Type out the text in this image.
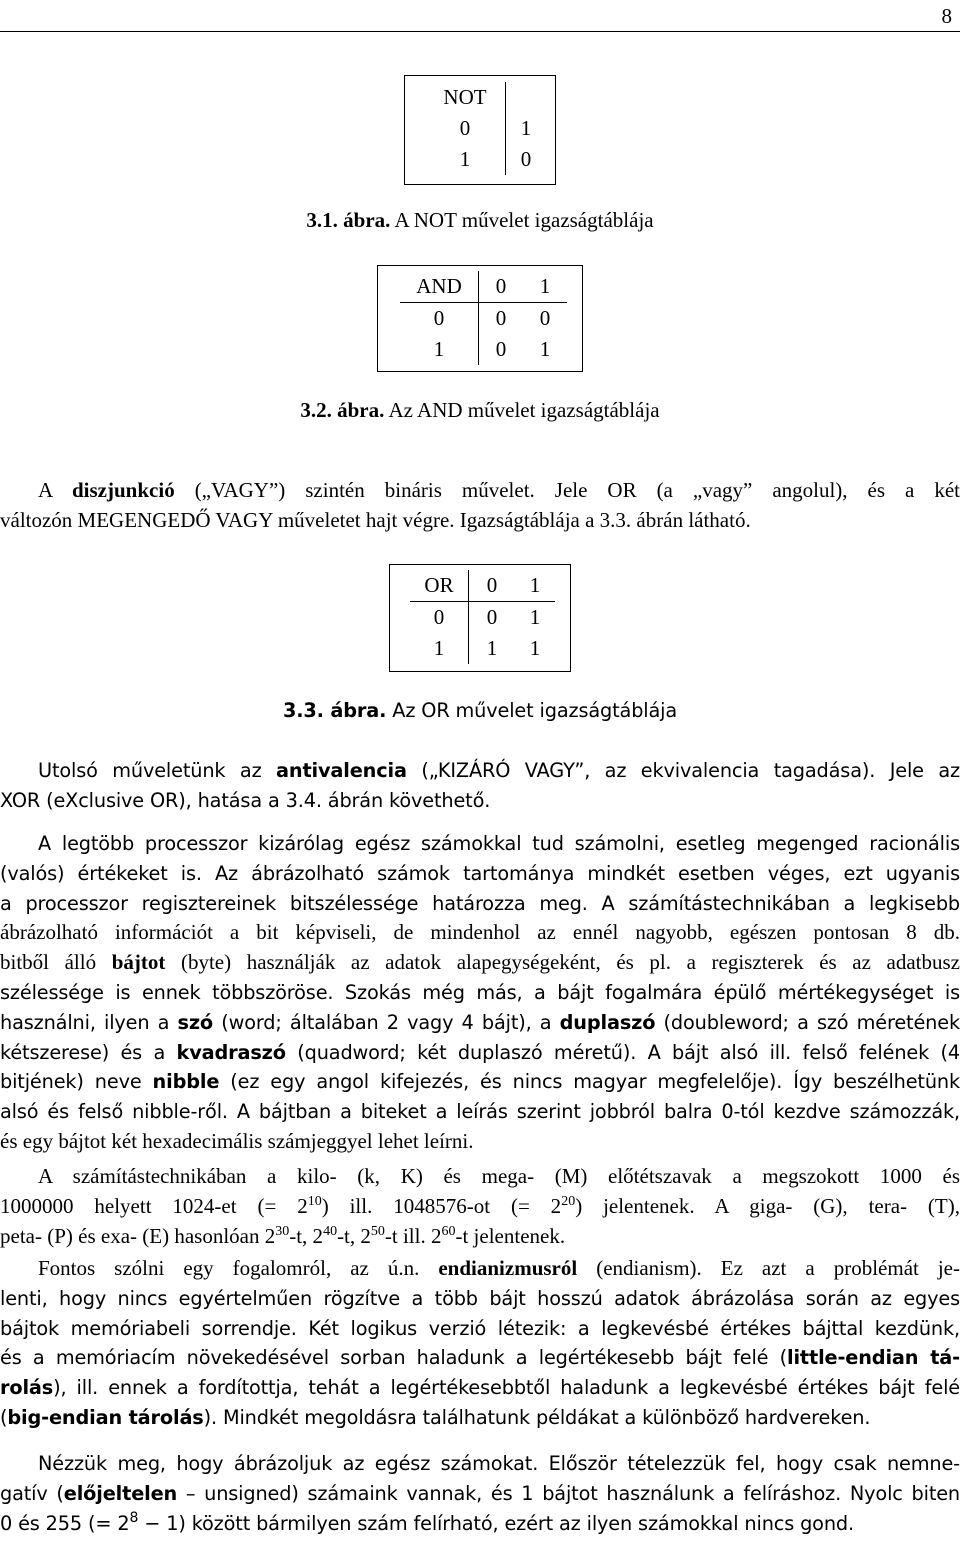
8
NOT	
0	1
1	0
3.1. ábra. A NOT művelet igazságtáblája
AND	0	1
0	0	0
1	0	1
3.2. ábra. Az AND művelet igazságtáblája
A diszjunkció („VAGY”) szintén bináris művelet. Jele OR (a „vagy” angolul), és a két
változón MEGENGEDŐ VAGY műveletet hajt végre. Igazságtáblája a 3.3. ábrán látható.
OR	0	1
0	0	1
1	1	1
3.3. ábra. Az OR művelet igazságtáblája
Utolsó műveletünk az antivalencia („KIZÁRÓ VAGY”, az ekvivalencia tagadása). Jele az
XOR (eXclusive OR), hatása a 3.4. ábrán követhető.
A legtöbb processzor kizárólag egész számokkal tud számolni, esetleg megenged racionális
(valós) értékeket is. Az ábrázolható számok tartománya mindkét esetben véges, ezt ugyanis
a processzor regisztereinek bitszélessége határozza meg. A számítástechnikában a legkisebb
ábrázolható információt a bit képviseli, de mindenhol az ennél nagyobb, egészen pontosan 8 db.
bitből álló bájtot (byte) használják az adatok alapegységeként, és pl. a regiszterek és az adatbusz
szélessége is ennek többszöröse. Szokás még más, a bájt fogalmára épülő mértékegységet is
használni, ilyen a szó (word; általában 2 vagy 4 bájt), a duplaszó (doubleword; a szó méretének
kétszerese) és a kvadraszó (quadword; két duplaszó méretű). A bájt alsó ill. felső felének (4
bitjének) neve nibble (ez egy angol kifejezés, és nincs magyar megfelelője). Így beszélhetünk
alsó és felső nibble-ről. A bájtban a biteket a leírás szerint jobbról balra 0-tól kezdve számozzák,
és egy bájtot két hexadecimális számjeggyel lehet leírni.
A számítástechnikában a kilo- (k, K) és mega- (M) előtétszavak a megszokott 1000 és
1000000 helyett 1024-et (= $2^{10}$) ill. 1048576-ot (= $2^{20}$) jelentenek. A giga- (G), tera- (T),
peta- (P) és exa- (E) hasonlóan $2^{30}-t$, $2^{40}-t$, $2^{50}-t$ ill. $2^{60}-t$ jelentenek.
Fontos szólni egy fogalomról, az ú.n. endianizmusról (endianism). Ez azt a problémát je-
lenti, hogy nincs egyértelműen rögzítve a több bájt hosszú adatok ábrázolása során az egyes
bájtok memóriabeli sorrendje. Két logikus verzió létezik: a legkevésbé értékes bájttal kezdünk,
és a memóriacím növekedésével sorban haladunk a legértékesebb bájt felé (little-endian tá-
rolás), ill. ennek a fordítottja, tehát a legértékesebbtől haladunk a legkevésbé értékes bájt felé
(big-endian tárolás). Mindkét megoldásra találhatunk példákat a különböző hardvereken.
Nézzük meg, hogy ábrázoljuk az egész számokat. Először tételezzük fel, hogy csak nemne-
gatív (előjeltelen – unsigned) számaink vannak, és 1 bájtot használunk a felíráshoz. Nyolc biten
0 és 255 (= $2^8 - 1$) között bármilyen szám felírható, ezért az ilyen számokkal nincs gond.
